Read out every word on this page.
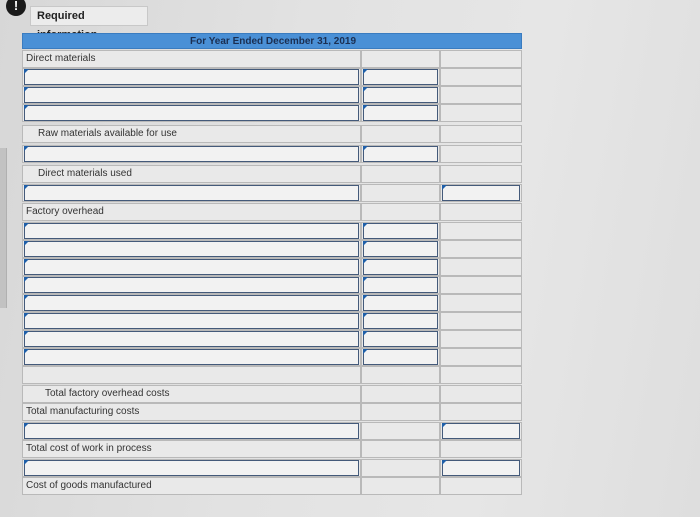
!
Required
For Year Ended December 31, 2019
Direct materials
Raw materials available for use
Direct materials used
Factory overhead
Total factory overhead costs
Total manufacturing costs
Total cost of work in process
Cost of goods manufactured
